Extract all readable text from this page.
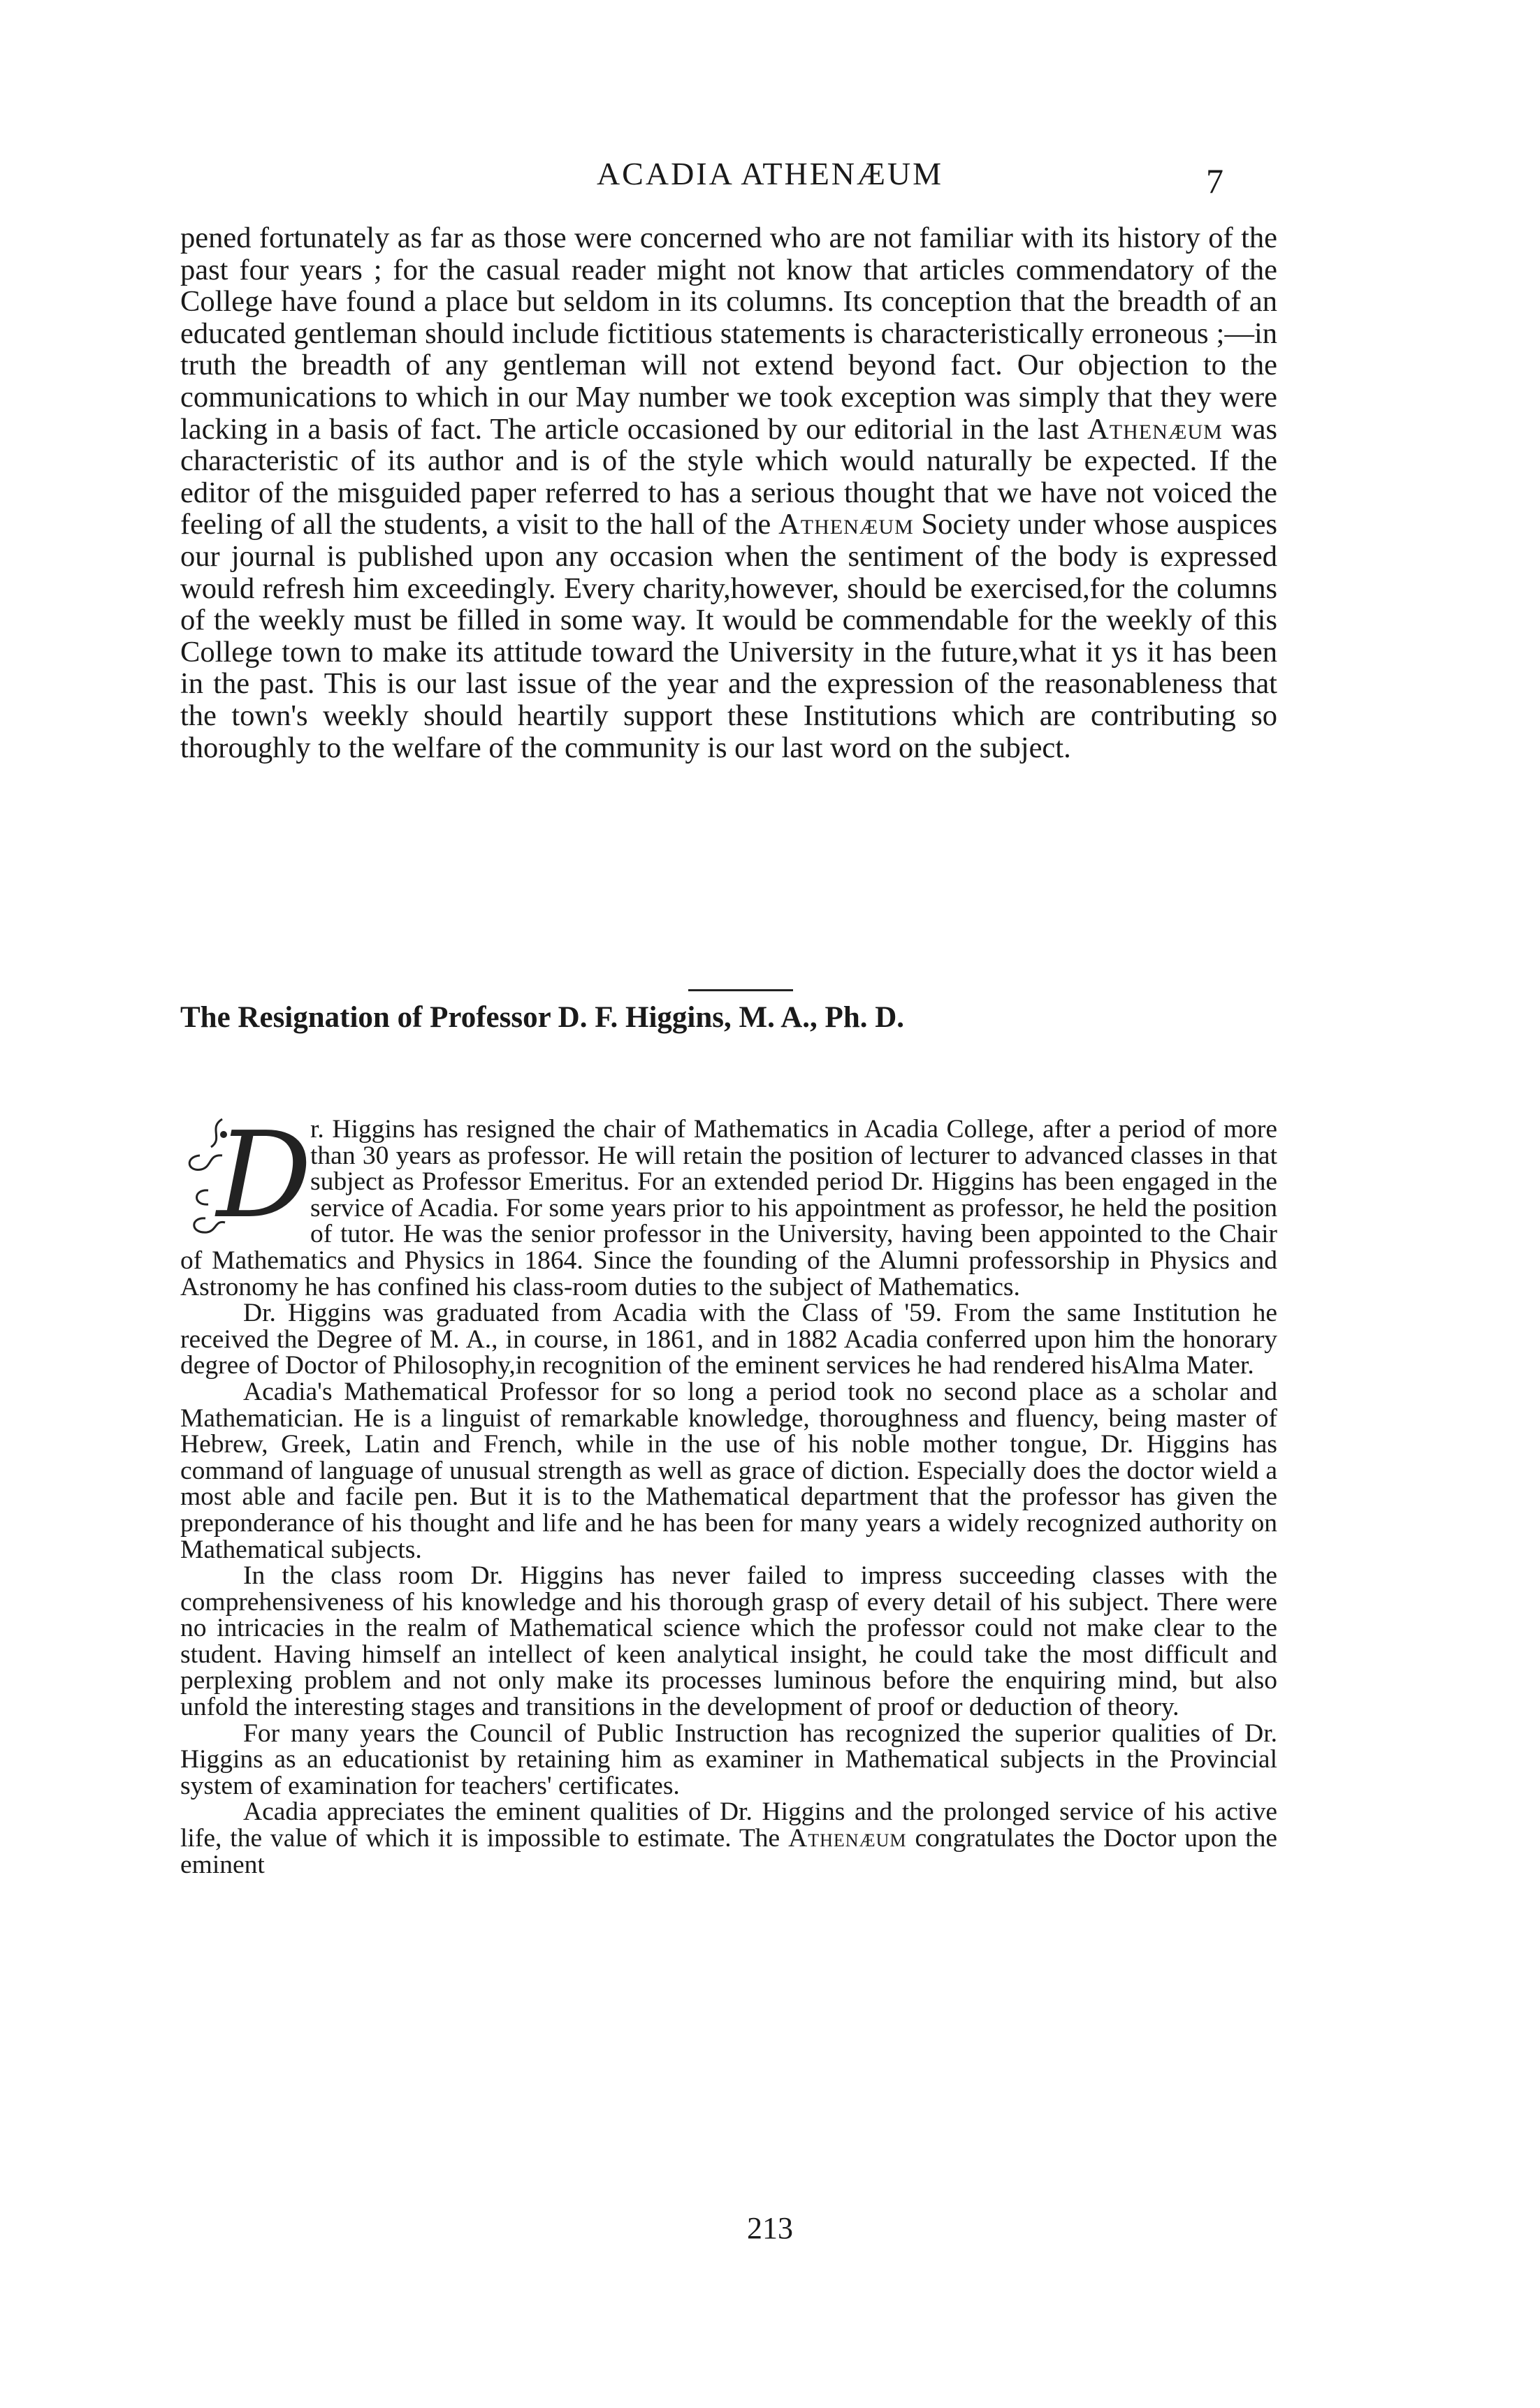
ACADIA ATHENÆUM	7

pened fortunately as far as those were concerned who are not familiar with its history of the past four years ; for the casual reader might not know that articles commendatory of the College have found a place but seldom in its columns. Its conception that the breadth of an educated gentleman should include fictitious statements is characteristically erroneous ;—in truth the breadth of any gentleman will not extend beyond fact. Our objection to the communications to which in our May number we took exception was simply that they were lacking in a basis of fact. The article occasioned by our editorial in the last Athenæum was characteristic of its author and is of the style which would naturally be expected. If the editor of the misguided paper referred to has a serious thought that we have not voiced the feeling of all the students, a visit to the hall of the Athenæum Society under whose auspices our journal is published upon any occasion when the sentiment of the body is expressed would refresh him exceedingly. Every charity,however, should be exercised,for the columns of the weekly must be filled in some way. It would be commendable for the weekly of this College town to make its attitude toward the University in the future,what it ys it has been in the past. This is our last issue of the year and the expression of the reasonableness that the town's weekly should heartily support these Institutions which are contributing so thoroughly to the welfare of the community is our last word on the subject.

The Resignation of Professor D. F. Higgins, M. A., Ph. D.
D

r. Higgins has resigned the chair of Mathematics in Acadia College, after a period of more than 30 years as professor. He will retain the position of lecturer to advanced classes in that subject as Professor Emeritus. For an extended period Dr. Higgins has been engaged in the service of Acadia. For some years prior to his appointment as professor, he held the position of tutor. He was the senior professor in the University, having been appointed to the Chair of Mathematics and Physics in 1864. Since the founding of the Alumni professorship in Physics and Astronomy he has confined his class-room duties to the subject of Mathematics.

Dr. Higgins was graduated from Acadia with the Class of '59. From the same Institution he received the Degree of M. A., in course, in 1861, and in 1882 Acadia conferred upon him the honorary degree of Doctor of Philosophy,in recognition of the eminent services he had rendered hisAlma Mater.

Acadia's Mathematical Professor for so long a period took no second place as a scholar and Mathematician. He is a linguist of remarkable knowledge, thoroughness and fluency, being master of Hebrew, Greek, Latin and French, while in the use of his noble mother tongue, Dr. Higgins has command of language of unusual strength as well as grace of diction. Especially does the doctor wield a most able and facile pen. But it is to the Mathematical department that the professor has given the preponderance of his thought and life and he has been for many years a widely recognized authority on Mathematical subjects.

In the class room Dr. Higgins has never failed to impress succeeding classes with the comprehensiveness of his knowledge and his thorough grasp of every detail of his subject. There were no intricacies in the realm of Mathematical science which the professor could not make clear to the student. Having himself an intellect of keen analytical insight, he could take the most difficult and perplexing problem and not only make its processes luminous before the enquiring mind, but also unfold the interesting stages and transitions in the development of proof or deduction of theory.

For many years the Council of Public Instruction has recognized the superior qualities of Dr. Higgins as an educationist by retaining him as examiner in Mathematical subjects in the Provincial system of examination for teachers' certificates.

Acadia appreciates the eminent qualities of Dr. Higgins and the prolonged service of his active life, the value of which it is impossible to estimate. The Athenæum congratulates the Doctor upon the eminent

213
